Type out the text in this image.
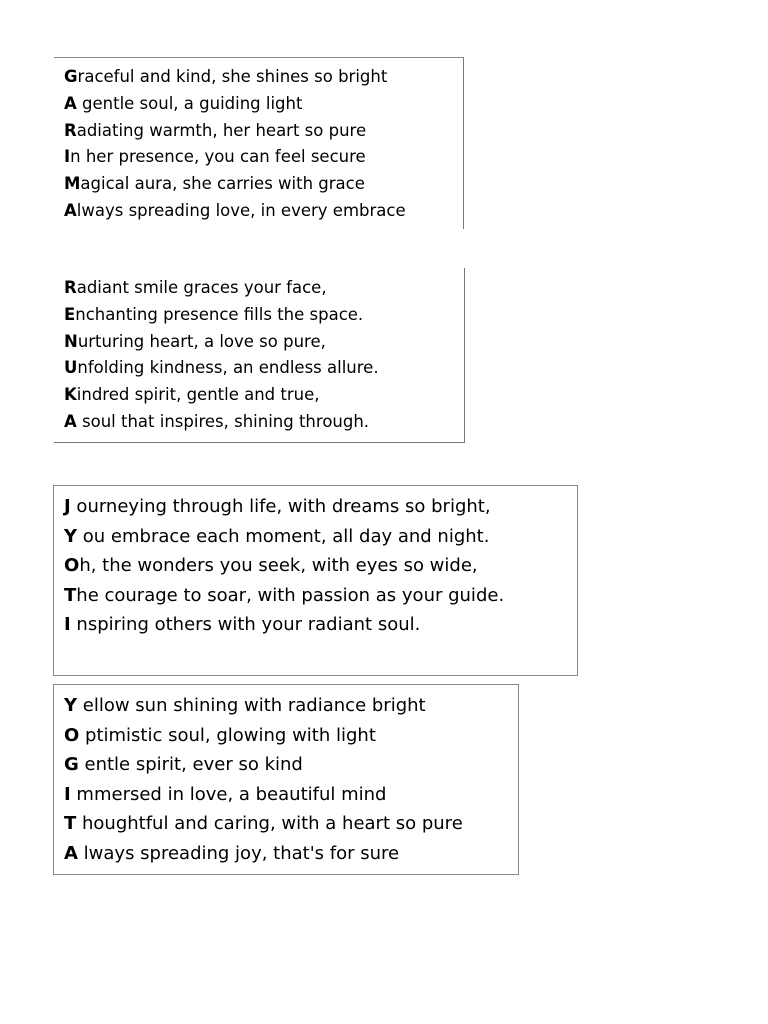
Graceful and kind, she shines so bright
A gentle soul, a guiding light
Radiating warmth, her heart so pure
In her presence, you can feel secure
Magical aura, she carries with grace
Always spreading love, in every embrace
Radiant smile graces your face,
Enchanting presence fills the space.
Nurturing heart, a love so pure,
Unfolding kindness, an endless allure.
Kindred spirit, gentle and true,
A soul that inspires, shining through.
J ourneying through life, with dreams so bright,
Y ou embrace each moment, all day and night.
Oh, the wonders you seek, with eyes so wide,
The courage to soar, with passion as your guide.
I nspiring others with your radiant soul.
Y ellow sun shining with radiance bright
O ptimistic soul, glowing with light
G entle spirit, ever so kind
I mmersed in love, a beautiful mind
T houghtful and caring, with a heart so pure
A lways spreading joy, that's for sure
